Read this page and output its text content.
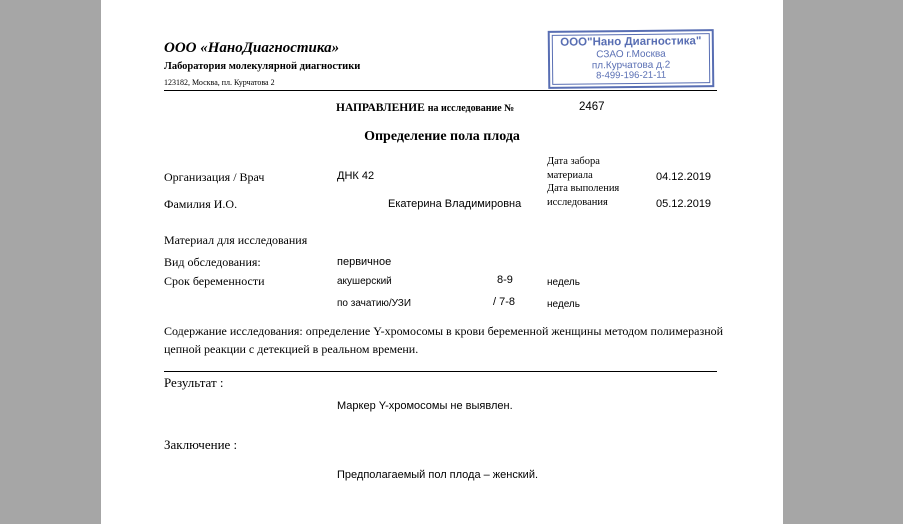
ООО «НаноДиагностика»
Лаборатория молекулярной диагностики
123182, Москва, пл. Курчатова 2
ООО"Нано Диагностика"
СЗАО г.Москва
пл.Курчатова д.2
8-499-196-21-11
НАПРАВЛЕНИЕ на исследование №	2467
Определение пола плода
Организация / Врач	ДНК 42
Дата забора материала	04.12.2019
Фамилия И.О.	Екатерина Владимировна
Дата выполения исследования	05.12.2019
Материал для исследования
Вид обследования:	первичное
Срок беременности	акушерский	8-9	недель
по зачатию/УЗИ	/ 7-8	недель
Содержание исследования: определение Y-хромосомы в крови беременной женщины методом полимеразной цепной реакции с детекцией в реальном времени.
Результат :
Маркер Y-хромосомы не выявлен.
Заключение :
Предполагаемый пол плода – женский.
